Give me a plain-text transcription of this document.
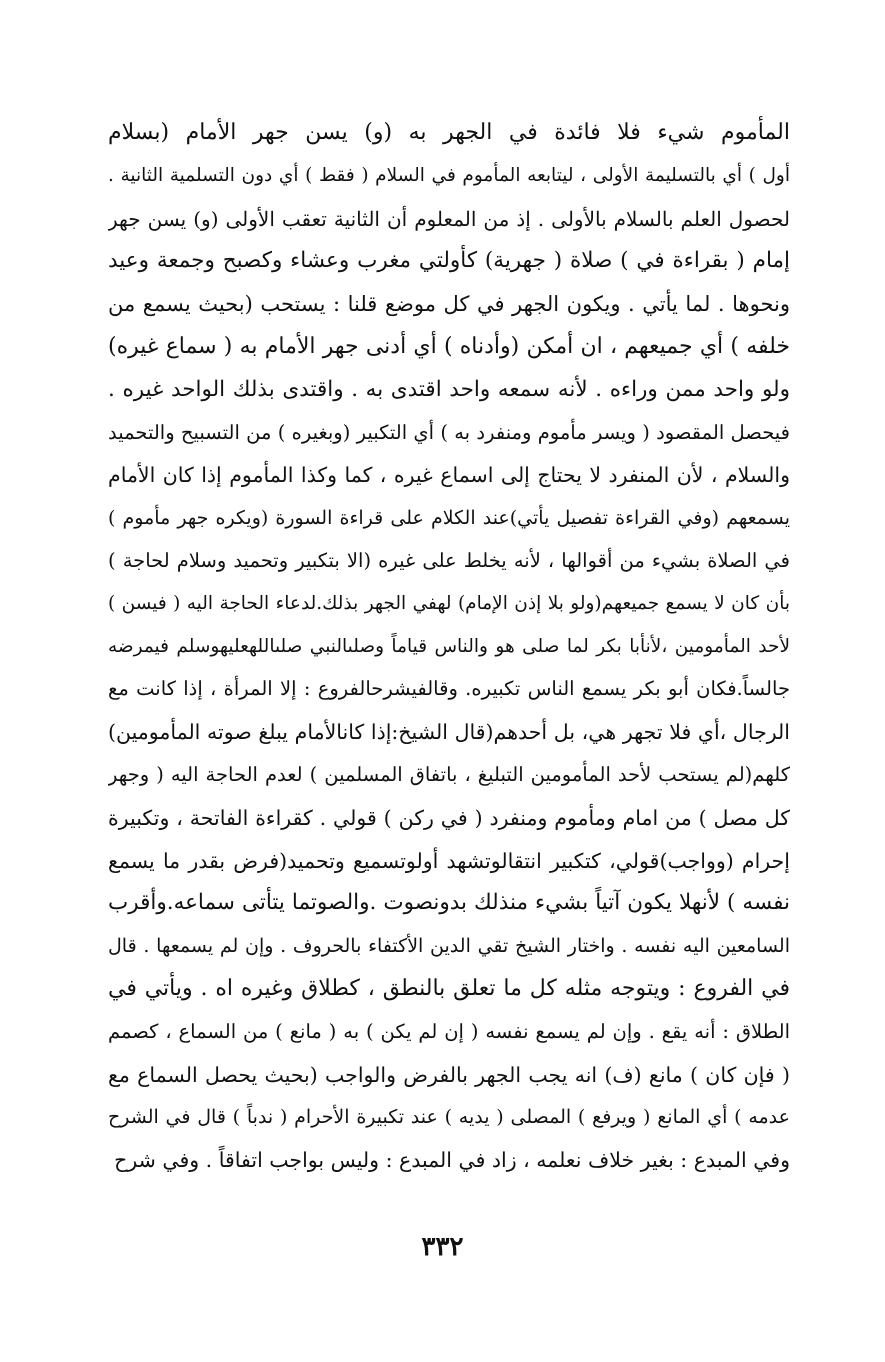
المأموم شيء فلا فائدة في الجهر به (و) يسن جهر الأمام (بسلام
أول ) أي بالتسليمة الأولى ، ليتابعه المأموم في السلام ( فقط ) أي دون التسلمية الثانية .
لحصول العلم بالسلام بالأولى . إذ من المعلوم أن الثانية تعقب الأولى (و) يسن جهر
إمام ( بقراءة في ) صلاة ( جهرية) كأولتي مغرب وعشاء وكصبح وجمعة وعيد
ونحوها . لما يأتي . ويكون الجهر في كل موضع قلنا : يستحب (بحيث يسمع من
خلفه ) أي جميعهم ، ان أمكن (وأدناه ) أي أدنى جهر الأمام به ( سماع غيره)
ولو واحد ممن وراءه . لأنه سمعه واحد اقتدى به . واقتدى بذلك الواحد غيره .
فيحصل المقصود ( ويسر مأموم ومنفرد به ) أي التكبير (وبغيره ) من التسبيح والتحميد
والسلام ، لأن المنفرد لا يحتاج إلى اسماع غيره ، كما وكذا المأموم إذا كان الأمام
يسمعهم (وفي القراءة تفصيل يأتي)عند الكلام على قراءة السورة (ويكره جهر مأموم )
في الصلاة بشيء من أقوالها ، لأنه يخلط على غيره (الا بتكبير وتحميد وسلام لحاجة )
بأن كان لا يسمع جميعهم(ولو بلا إذن الإمام) لهفي الجهر بذلك.لدعاء الحاجة اليه ( فيسن )
لأحد المأمومين ،لأنأبا بكر لما صلى هو والناس قياماً وصلىالنبي صلىاللهعليهوسلم فيمرضه
جالساً.فكان أبو بكر يسمع الناس تكبيره. وقالفيشرحالفروع : إلا المرأة ، إذا كانت مع
الرجال ،أي فلا تجهر هي، بل أحدهم(قال الشيخ:إذا كانالأمام يبلغ صوته المأمومين)
كلهم(لم يستحب لأحد المأمومين التبليغ ، باتفاق المسلمين ) لعدم الحاجة اليه ( وجهر
كل مصل ) من امام ومأموم ومنفرد ( في ركن ) قولي . كقراءة الفاتحة ، وتكبيرة
إحرام (وواجب)قولي، كتكبير انتقالوتشهد أولوتسميع وتحميد(فرض بقدر ما يسمع
نفسه ) لأنهلا يكون آتياً بشيء منذلك بدونصوت .والصوتما يتأتى سماعه.وأقرب
السامعين اليه نفسه . واختار الشيخ تقي الدين الأكتفاء بالحروف . وإن لم يسمعها . قال
في الفروع : ويتوجه مثله كل ما تعلق بالنطق ، كطلاق وغيره اه . ويأتي في
الطلاق : أنه يقع . وإن لم يسمع نفسه ( إن لم يكن ) به ( مانع ) من السماع ، كصمم
( فإن كان ) مانع (ف) انه يجب الجهر بالفرض والواجب (بحيث يحصل السماع مع
عدمه ) أي المانع ( ويرفع ) المصلى ( يديه ) عند تكبيرة الأحرام ( ندباً ) قال في الشرح
وفي المبدع : بغير خلاف نعلمه ، زاد في المبدع : وليس بواجب اتفاقاً . وفي شرح
٣٣٢
